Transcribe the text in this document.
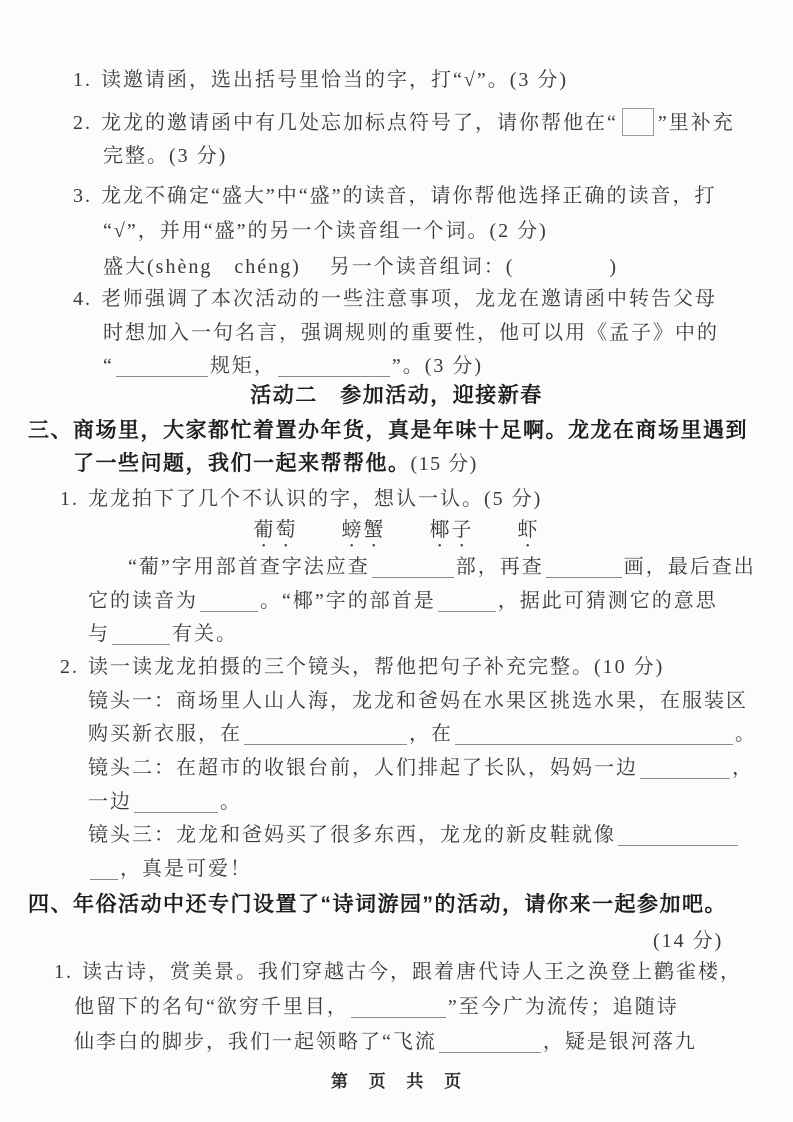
1. 读邀请函，选出括号里恰当的字，打“√”。(3 分)
2. 龙龙的邀请函中有几处忘加标点符号了，请你帮他在“ ”里补充
完整。(3 分)
3. 龙龙不确定“盛大”中“盛”的读音，请你帮他选择正确的读音，打
“√”，并用“盛”的另一个读音组一个词。(2 分)
盛大(shèng　chéng)　 另一个读音组词：(	)
4. 老师强调了本次活动的一些注意事项，龙龙在邀请函中转告父母
时想加入一句名言，强调规则的重要性，他可以用《孟子》中的
“	规矩，	”。(3 分)
活动二　参加活动，迎接新春
三、商场里，大家都忙着置办年货，真是年味十足啊。龙龙在商场里遇到
了一些问题，我们一起来帮帮他。(15 分)
1. 龙龙拍下了几个不认识的字，想认一认。(5 分)
葡萄 螃蟹 椰子 虾
“葡”字用部首查字法应查	部，再查	画，最后查出
它的读音为	。“椰”字的部首是	，据此可猜测它的意思
与	有关。
2. 读一读龙龙拍摄的三个镜头，帮他把句子补充完整。(10 分)
镜头一：商场里人山人海，龙龙和爸妈在水果区挑选水果，在服装区
购买新衣服，在	，在	。
镜头二：在超市的收银台前，人们排起了长队，妈妈一边	，
一边	。
镜头三：龙龙和爸妈买了很多东西，龙龙的新皮鞋就像
，真是可爱！
四、年俗活动中还专门设置了“诗词游园”的活动，请你来一起参加吧。
(14 分)
1. 读古诗，赏美景。我们穿越古今，跟着唐代诗人王之涣登上鹳雀楼，
他留下的名句“欲穷千里目，	”至今广为流传；追随诗
仙李白的脚步，我们一起领略了“飞流	，疑是银河落九
第 页 共 页
